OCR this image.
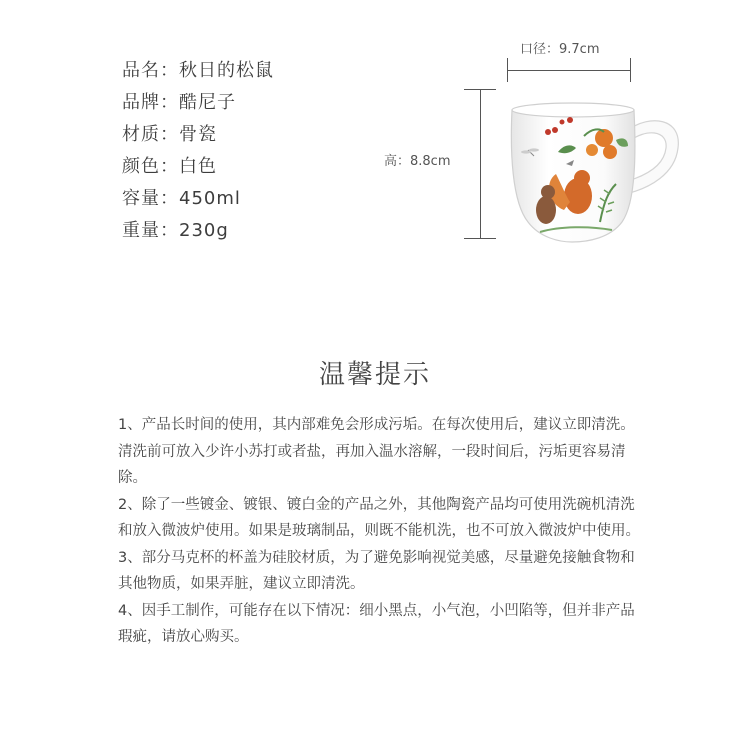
品名：秋日的松鼠
品牌：酷尼子
材质：骨瓷
颜色：白色
容量：450ml
重量：230g
口径：9.7cm
高：8.8cm
温馨提示

1、产品长时间的使用，其内部难免会形成污垢。在每次使用后，建议立即清洗。清洗前可放入少许小苏打或者盐，再加入温水溶解，一段时间后，污垢更容易清除。

2、除了一些镀金、镀银、镀白金的产品之外，其他陶瓷产品均可使用洗碗机清洗和放入微波炉使用。如果是玻璃制品，则既不能机洗，也不可放入微波炉中使用。

3、部分马克杯的杯盖为硅胶材质，为了避免影响视觉美感，尽量避免接触食物和其他物质，如果弄脏，建议立即清洗。

4、因手工制作，可能存在以下情况：细小黑点，小气泡，小凹陷等，但并非产品瑕疵，请放心购买。
